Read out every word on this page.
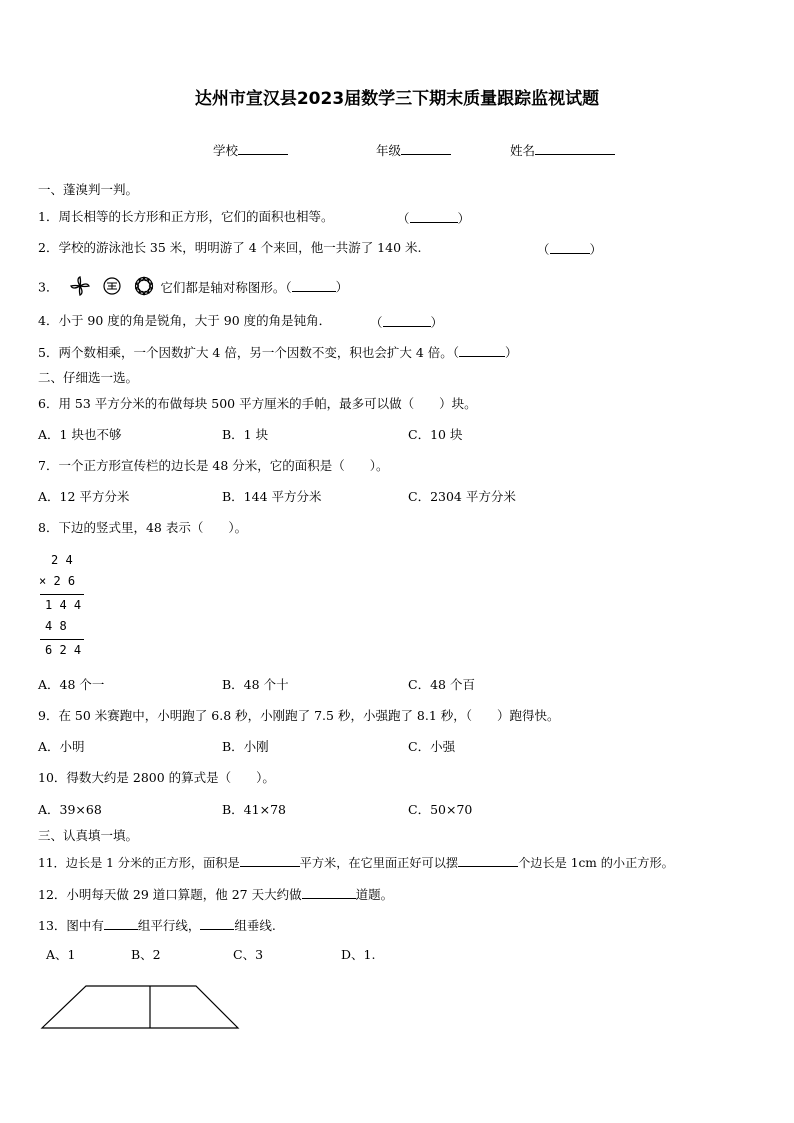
达州市宣汉县2023届数学三下期末质量跟踪监视试题
学校	年级	姓名
一、蓬溴判一判。
1．周长相等的长方形和正方形，它们的面积也相等。	（	）
2．学校的游泳池长 35 米，明明游了 4 个来回，他一共游了 140 米.	（	）
3．	它们都是轴对称图形。（	）
4．小于 90 度的角是锐角，大于 90 度的角是钝角．	（	）
5．两个数相乘，一个因数扩大 4 倍，另一个因数不变，积也会扩大 4 倍。（	）
二、仔细选一选。
6．用 53 平方分米的布做每块 500 平方厘米的手帕，最多可以做（　　）块。
A．1 块也不够	B．1 块	C．10 块
7．一个正方形宣传栏的边长是 48 分米，它的面积是（　　）。
A．12 平方分米	B．144 平方分米	C．2304 平方分米
8．下边的竖式里，48 表示（　　）。
2 4
× 2 6
1 4 4
4 8
6 2 4
A．48 个一	B．48 个十	C．48 个百
9．在 50 米赛跑中，小明跑了 6.8 秒，小刚跑了 7.5 秒，小强跑了 8.1 秒，（　　）跑得快。
A．小明	B．小刚	C．小强
10．得数大约是 2800 的算式是（　　）。
A．39×68	B．41×78	C．50×70
三、认真填一填。
11．边长是 1 分米的正方形，面积是	平方米，在它里面正好可以摆	个边长是 1cm 的小正方形。
12．小明每天做 29 道口算题，他 27 天大约做	道题。
13．图中有	组平行线，	组垂线.
A、1	B、2	C、3	D、1.
